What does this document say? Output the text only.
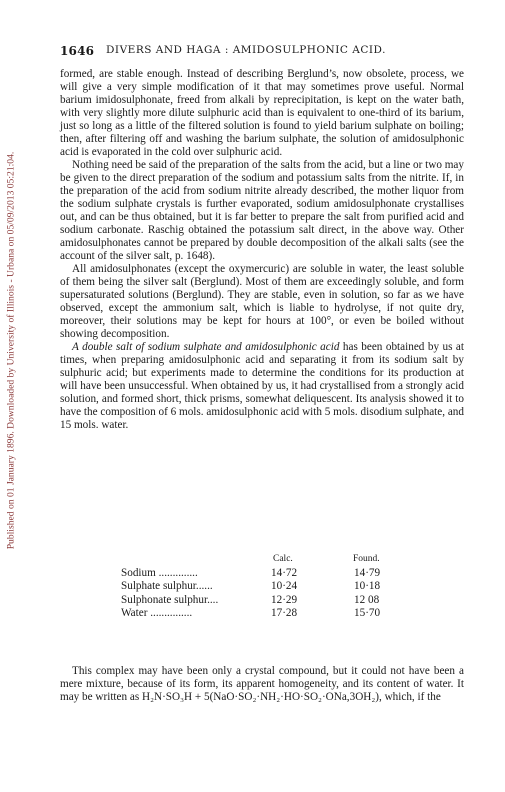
Published on 01 January 1896. Downloaded by University of Illinois - Urbana on 05/09/2013 05:21:04.
1646 DIVERS AND HAGA : AMIDOSULPHONIC ACID.

formed, are stable enough. Instead of describing Berglund’s, now obsolete, process, we will give a very simple modification of it that may sometimes prove useful. Normal barium imidosulphonate, freed from alkali by reprecipitation, is kept on the water bath, with very slightly more dilute sulphuric acid than is equivalent to one-third of its barium, just so long as a little of the filtered solution is found to yield barium sulphate on boiling; then, after filtering off and washing the barium sulphate, the solution of amidosulphonic acid is evaporated in the cold over sulphuric acid.

Nothing need be said of the preparation of the salts from the acid, but a line or two may be given to the direct preparation of the sodium and potassium salts from the nitrite. If, in the preparation of the acid from sodium nitrite already described, the mother liquor from the sodium sulphate crystals is further evaporated, sodium amidosulphonate crystallises out, and can be thus obtained, but it is far better to prepare the salt from purified acid and sodium carbonate. Raschig obtained the potassium salt direct, in the above way. Other amidosulphonates cannot be prepared by double decomposition of the alkali salts (see the account of the silver salt, p. 1648).

All amidosulphonates (except the oxymercuric) are soluble in water, the least soluble of them being the silver salt (Berglund). Most of them are exceedingly soluble, and form supersaturated solutions (Berglund). They are stable, even in solution, so far as we have observed, except the ammonium salt, which is liable to hydrolyse, if not quite dry, moreover, their solutions may be kept for hours at 100°, or even be boiled without showing decomposition.

A double salt of sodium sulphate and amidosulphonic acid has been obtained by us at times, when preparing amidosulphonic acid and separating it from its sodium salt by sulphuric acid; but experiments made to determine the conditions for its production at will have been unsuccessful. When obtained by us, it had crystallised from a strongly acid solution, and formed short, thick prisms, somewhat deliquescent. Its analysis showed it to have the composition of 6 mols. amidosulphonic acid with 5 mols. disodium sulphate, and 15 mols. water.

Calc.	Found.
Sodium ..............	14·72	14·79
Sulphate sulphur......	10·24	10·18
Sulphonate sulphur....	12·29	12 08
Water ...............	17·28	15·70

This complex may have been only a crystal compound, but it could not have been a mere mixture, because of its form, its apparent homogeneity, and its content of water. It may be written as H₂N·SO₃H + 5(NaO·SO₂·NH₂·HO·SO₂·ONa,3OH₂), which, if the
